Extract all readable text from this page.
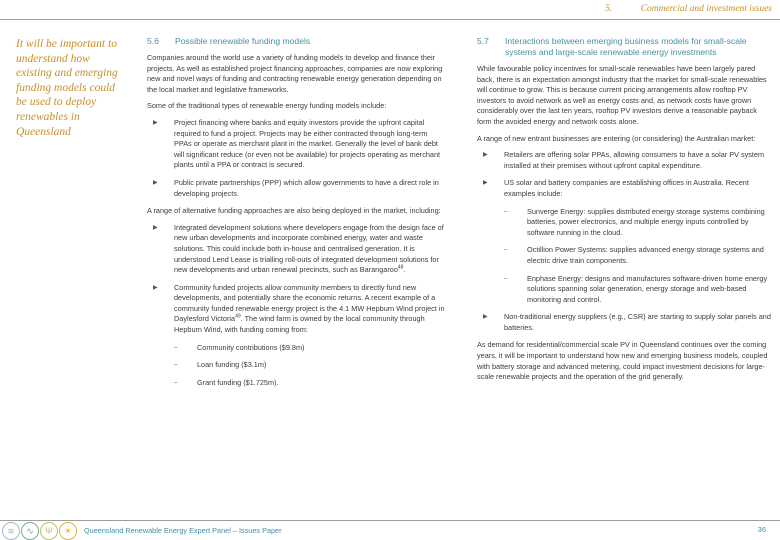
5.	Commercial and investment issues
It will be important to understand how existing and emerging funding models could be used to deploy renewables in Queensland
5.6	Possible renewable funding models

Companies around the world use a variety of funding models to develop and finance their projects. As well as established project financing approaches, companies are now exploring new and novel ways of funding and contracting renewable energy generation depending on the local market and legislative frameworks.

Some of the traditional types of renewable energy funding models include:

▶ Project financing where banks and equity investors provide the upfront capital required to fund a project. Projects may be either contracted through long-term PPAs or operate as merchant plant in the market. Generally the level of bank debt will significant reduce (or even not be available) for projects operating as merchant plants until a PPA or contract is secured.
▶ Public private partnerships (PPP) which allow governments to have a direct role in developing projects.

A range of alternative funding approaches are also being deployed in the market, including:

▶ Integrated development solutions where developers engage from the design face of new urban developments and incorporate combined energy, water and waste solutions. This could include both in-house and centralised generation. It is understood Lend Lease is trialling roll-outs of integrated development solutions for new developments and urban renewal precincts, such as Barangaroo$^{48}$.
▶ Community funded projects allow community members to directly fund new developments, and potentially share the economic returns. A recent example of a community funded renewable energy project is the 4.1 MW Hepburn Wind project in Daylesford Victoria$^{49}$. The wind farm is owned by the local community through Hepburn Wind, with funding coming from:
–	Community contributions ($9.8m)
–	Loan funding ($3.1m)
–	Grant funding ($1.725m).
5.7	Interactions between emerging business models for small-scale systems and large-scale renewable energy investments

While favourable policy incentives for small-scale renewables have been largely pared back, there is an expectation amongst industry that the market for small-scale renewables will continue to grow. This is because current pricing arrangements allow rooftop PV investors to avoid network as well as energy costs and, as network costs have grown considerably over the last ten years, rooftop PV investors derive a reasonable payback form the avoided energy and network costs alone.

A range of new entrant businesses are entering (or considering) the Australian market:

▶ Retailers are offering solar PPAs, allowing consumers to have a solar PV system installed at their premises without upfront capital expenditure.
▶ US solar and battery companies are establishing offices in Australia. Recent examples include:
–	Sunverge Energy: supplies distributed energy storage systems combining batteries, power electronics, and multiple energy inputs controlled by software running in the cloud.
–	Octillion Power Systems: supplies advanced energy storage systems and electric drive train components.
–	Enphase Energy: designs and manufactures software-driven home energy solutions spanning solar generation, energy storage and web-based monitoring and control.
▶ Non-traditional energy suppliers (e.g., CSR) are starting to supply solar panels and batteries.

As demand for residential/commercial scale PV in Queensland continues over the coming years, it will be important to understand how new and emerging business models, coupled with battery storage and advanced metering, could impact investment decisions for large-scale renewable projects and the operation of the grid generally.

≋	∿	Ψ	☀	Queensland Renewable Energy Expert Panel – Issues Paper	36
